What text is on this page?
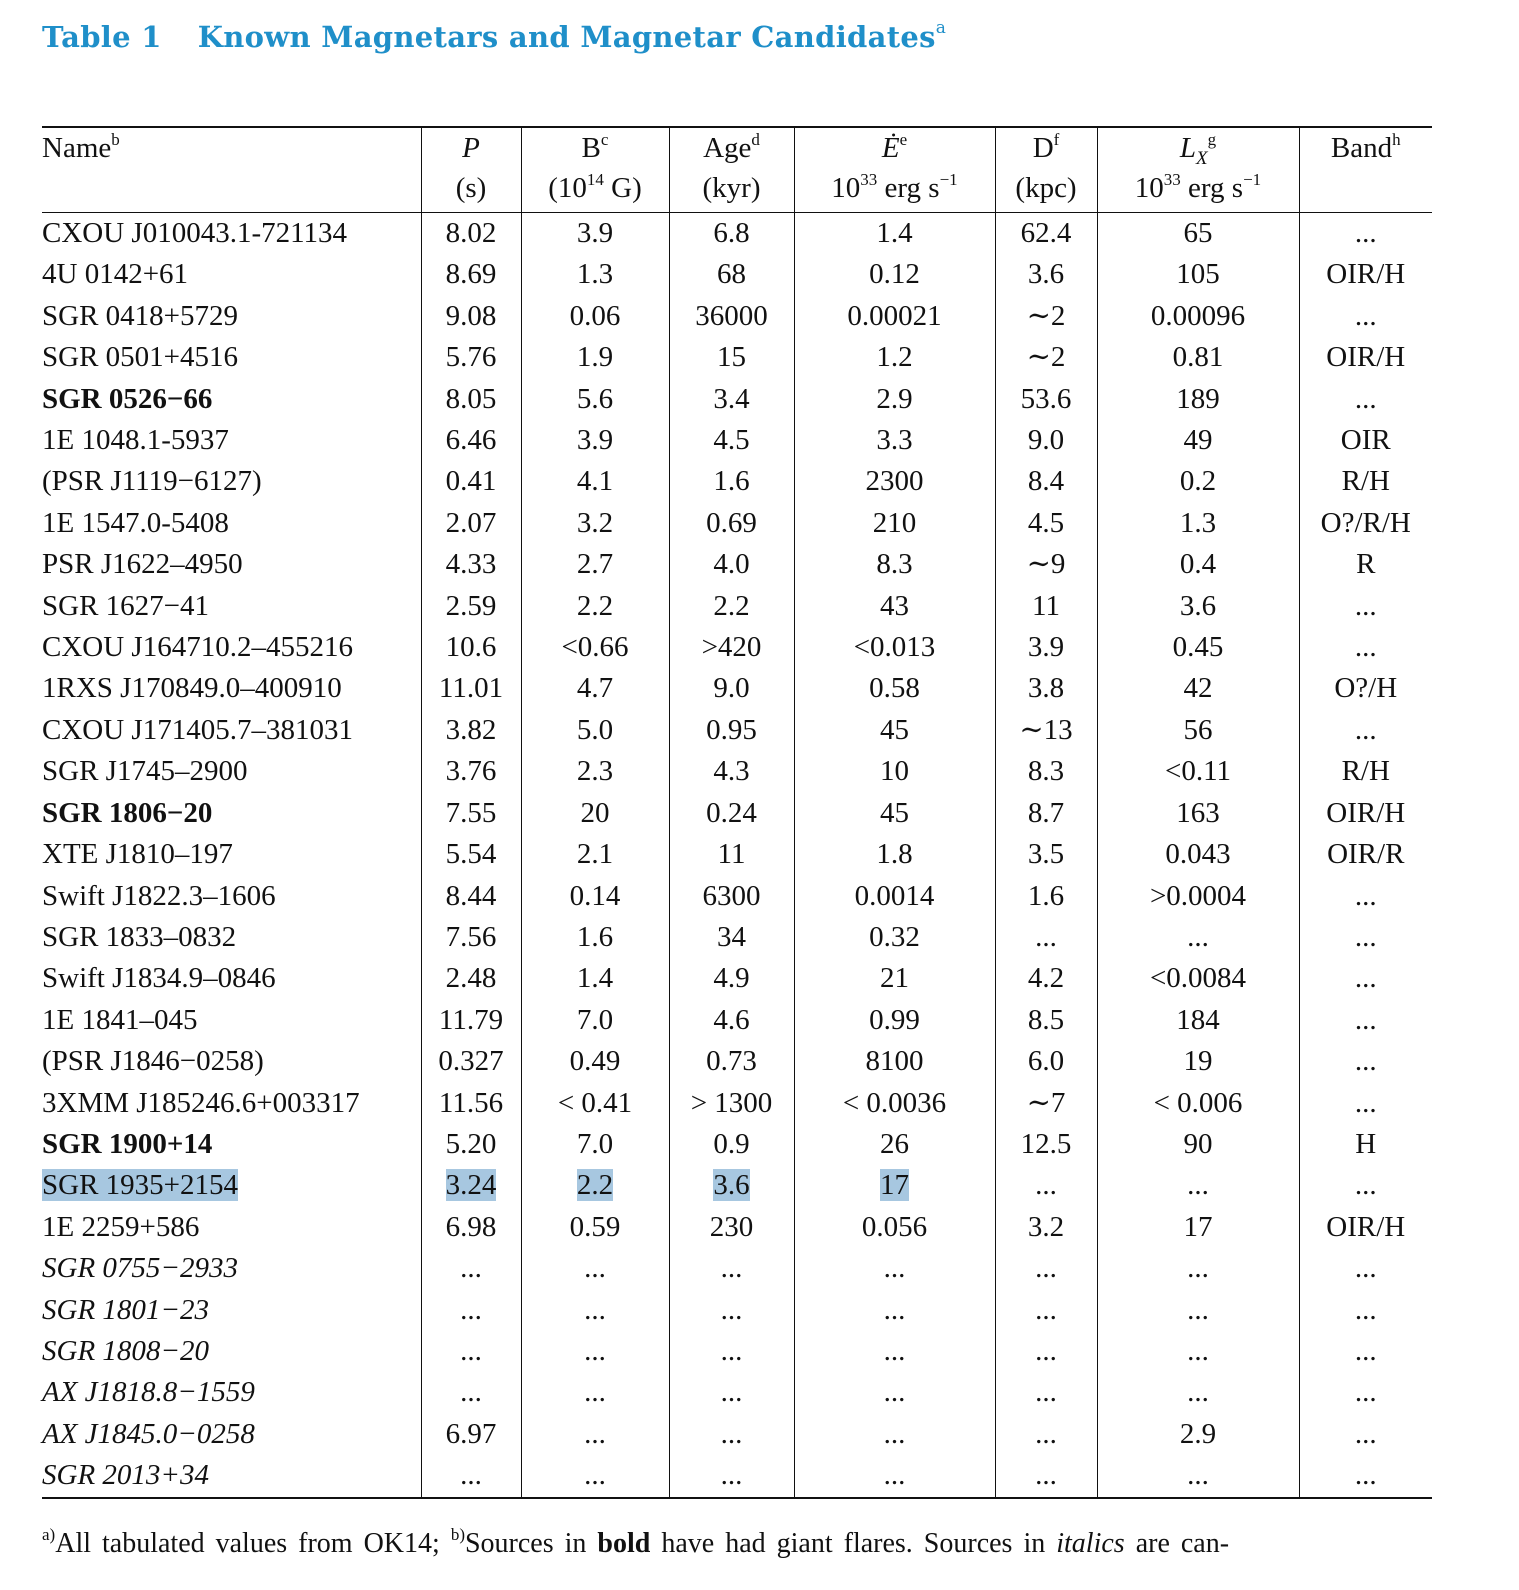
Table 1 Known Magnetars and Magnetar Candidates$^a$
Name$^b$	P	B$^c$	Age$^d$	Ė$^e$	D$^f$	$L_X^g$	Band$^h$
	(s)	(10$^{14}$ G)	(kyr)	10$^{33}$ erg s$^{-1}$	(kpc)	10$^{33}$ erg s$^{-1}$	
CXOU J010043.1-721134	8.02	3.9	6.8	1.4	62.4	65	...
4U 0142+61	8.69	1.3	68	0.12	3.6	105	OIR/H
SGR 0418+5729	9.08	0.06	36000	0.00021	∼2	0.00096	...
SGR 0501+4516	5.76	1.9	15	1.2	∼2	0.81	OIR/H
SGR 0526−66	8.05	5.6	3.4	2.9	53.6	189	...
1E 1048.1-5937	6.46	3.9	4.5	3.3	9.0	49	OIR
(PSR J1119−6127)	0.41	4.1	1.6	2300	8.4	0.2	R/H
1E 1547.0-5408	2.07	3.2	0.69	210	4.5	1.3	O?/R/H
PSR J1622–4950	4.33	2.7	4.0	8.3	∼9	0.4	R
SGR 1627−41	2.59	2.2	2.2	43	11	3.6	...
CXOU J164710.2–455216	10.6	<0.66	>420	<0.013	3.9	0.45	...
1RXS J170849.0–400910	11.01	4.7	9.0	0.58	3.8	42	O?/H
CXOU J171405.7–381031	3.82	5.0	0.95	45	∼13	56	...
SGR J1745–2900	3.76	2.3	4.3	10	8.3	<0.11	R/H
SGR 1806−20	7.55	20	0.24	45	8.7	163	OIR/H
XTE J1810–197	5.54	2.1	11	1.8	3.5	0.043	OIR/R
Swift J1822.3–1606	8.44	0.14	6300	0.0014	1.6	>0.0004	...
SGR 1833–0832	7.56	1.6	34	0.32	...	...	...
Swift J1834.9–0846	2.48	1.4	4.9	21	4.2	<0.0084	...
1E 1841–045	11.79	7.0	4.6	0.99	8.5	184	...
(PSR J1846−0258)	0.327	0.49	0.73	8100	6.0	19	...
3XMM J185246.6+003317	11.56	< 0.41	> 1300	< 0.0036	∼7	< 0.006	...
SGR 1900+14	5.20	7.0	0.9	26	12.5	90	H
SGR 1935+2154	3.24	2.2	3.6	17	...	...	...
1E 2259+586	6.98	0.59	230	0.056	3.2	17	OIR/H
SGR 0755−2933	...	...	...	...	...	...	...
SGR 1801−23	...	...	...	...	...	...	...
SGR 1808−20	...	...	...	...	...	...	...
AX J1818.8−1559	...	...	...	...	...	...	...
AX J1845.0−0258	6.97	...	...	...	...	2.9	...
SGR 2013+34	...	...	...	...	...	...	...
$^{a)}$All tabulated values from OK14; $^{b)}$Sources in bold have had giant flares. Sources in italics are can-
